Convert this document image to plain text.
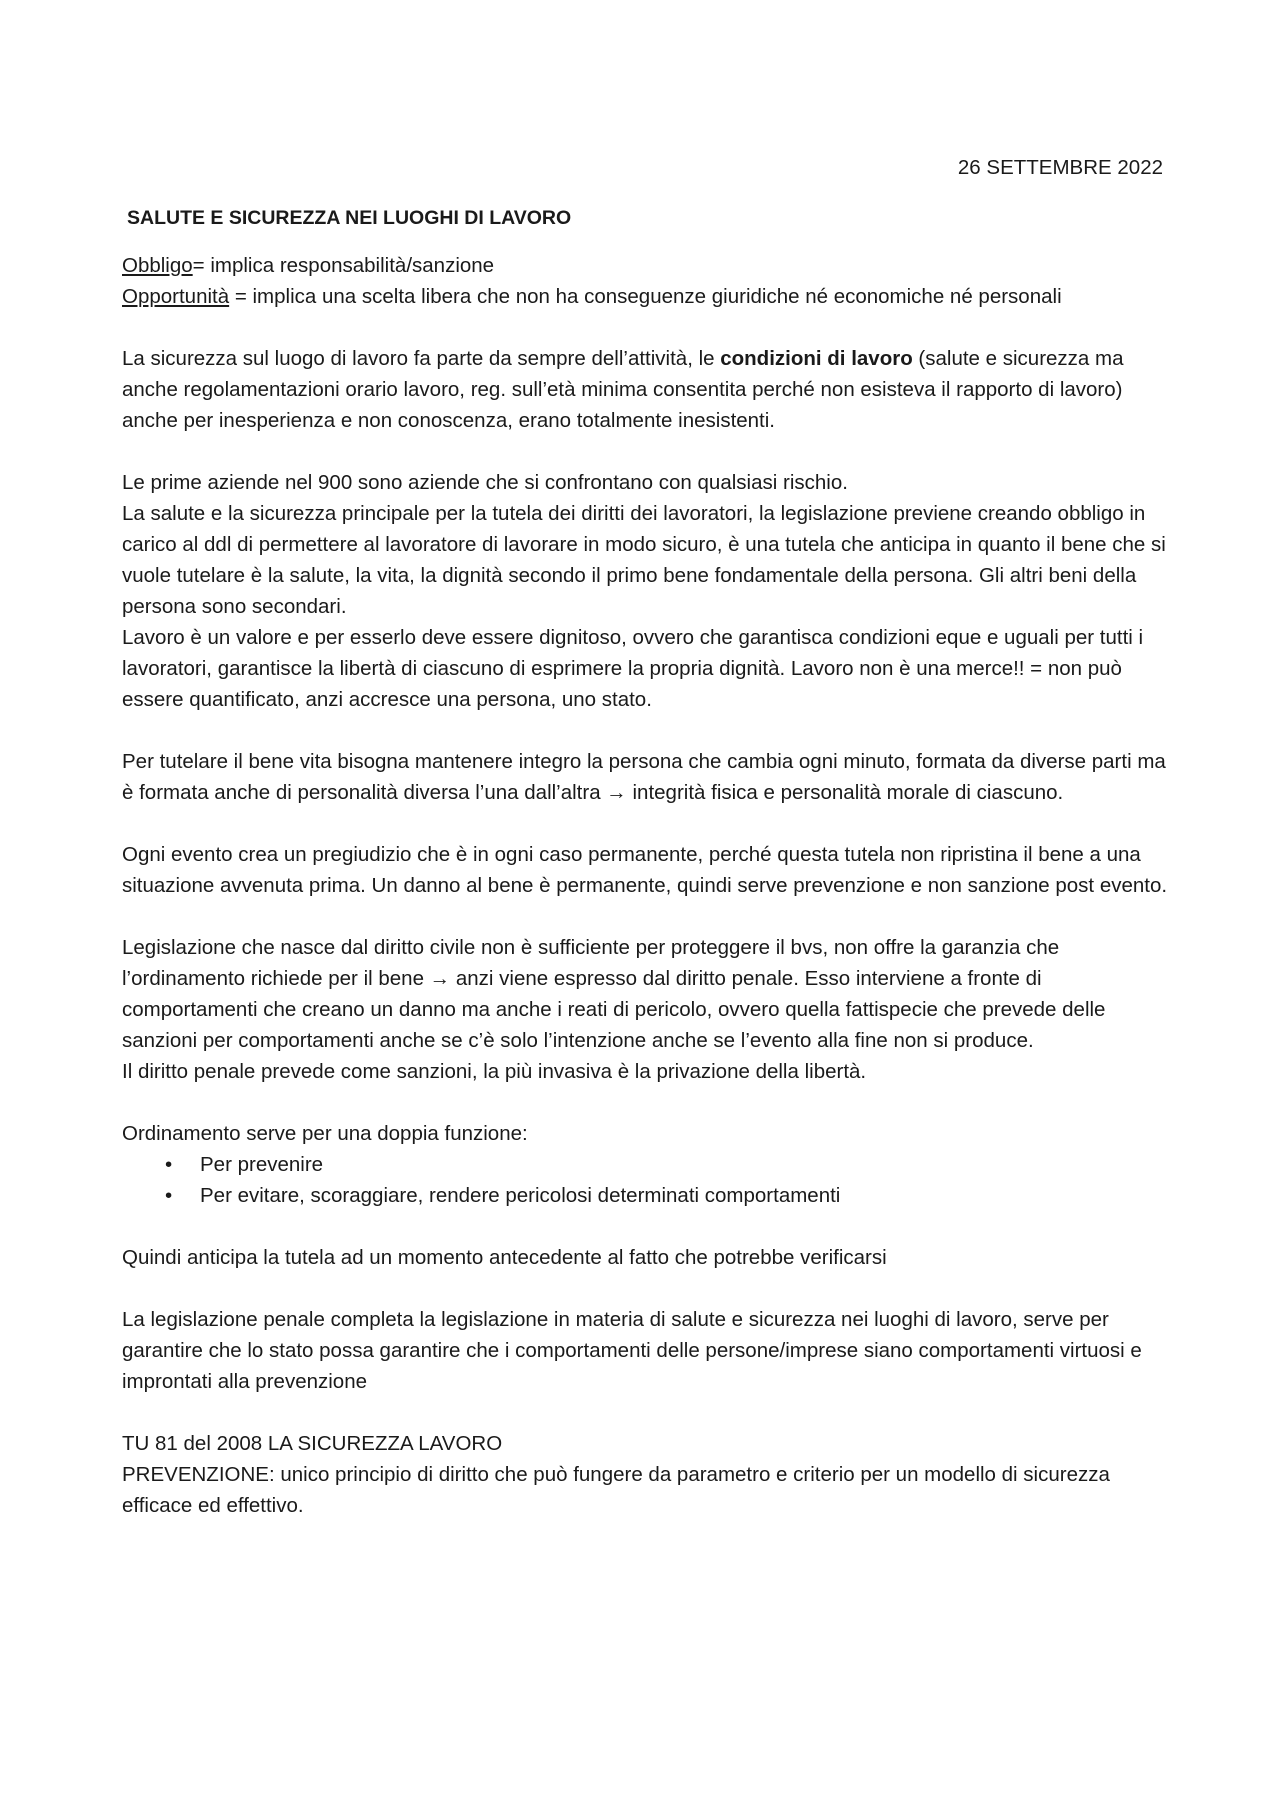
26 SETTEMBRE 2022

SALUTE E SICUREZZA NEI LUOGHI DI LAVORO

Obbligo= implica responsabilità/sanzione
Opportunità = implica una scelta libera che non ha conseguenze giuridiche né economiche né personali

La sicurezza sul luogo di lavoro fa parte da sempre dell’attività, le condizioni di lavoro (salute e sicurezza ma anche regolamentazioni orario lavoro, reg. sull’età minima consentita perché non esisteva il rapporto di lavoro) anche per inesperienza e non conoscenza, erano totalmente inesistenti.

Le prime aziende nel 900 sono aziende che si confrontano con qualsiasi rischio.

La salute e la sicurezza principale per la tutela dei diritti dei lavoratori, la legislazione previene creando obbligo in carico al ddl di permettere al lavoratore di lavorare in modo sicuro, è una tutela che anticipa in quanto il bene che si vuole tutelare è la salute, la vita, la dignità secondo il primo bene fondamentale della persona. Gli altri beni della persona sono secondari.

Lavoro è un valore e per esserlo deve essere dignitoso, ovvero che garantisca condizioni eque e uguali per tutti i lavoratori, garantisce la libertà di ciascuno di esprimere la propria dignità. Lavoro non è una merce!! = non può essere quantificato, anzi accresce una persona, uno stato.

Per tutelare il bene vita bisogna mantenere integro la persona che cambia ogni minuto, formata da diverse parti ma è formata anche di personalità diversa l’una dall’altra → integrità fisica e personalità morale di ciascuno.

Ogni evento crea un pregiudizio che è in ogni caso permanente, perché questa tutela non ripristina il bene a una situazione avvenuta prima. Un danno al bene è permanente, quindi serve prevenzione e non sanzione post evento.

Legislazione che nasce dal diritto civile non è sufficiente per proteggere il bvs, non offre la garanzia che l’ordinamento richiede per il bene → anzi viene espresso dal diritto penale. Esso interviene a fronte di comportamenti che creano un danno ma anche i reati di pericolo, ovvero quella fattispecie che prevede delle sanzioni per comportamenti anche se c’è solo l’intenzione anche se l’evento alla fine non si produce.

Il diritto penale prevede come sanzioni, la più invasiva è la privazione della libertà.

Ordinamento serve per una doppia funzione:

• Per prevenire
• Per evitare, scoraggiare, rendere pericolosi determinati comportamenti

Quindi anticipa la tutela ad un momento antecedente al fatto che potrebbe verificarsi

La legislazione penale completa la legislazione in materia di salute e sicurezza nei luoghi di lavoro, serve per garantire che lo stato possa garantire che i comportamenti delle persone/imprese siano comportamenti virtuosi e improntati alla prevenzione

TU 81 del 2008 LA SICUREZZA LAVORO

PREVENZIONE: unico principio di diritto che può fungere da parametro e criterio per un modello di sicurezza efficace ed effettivo.
